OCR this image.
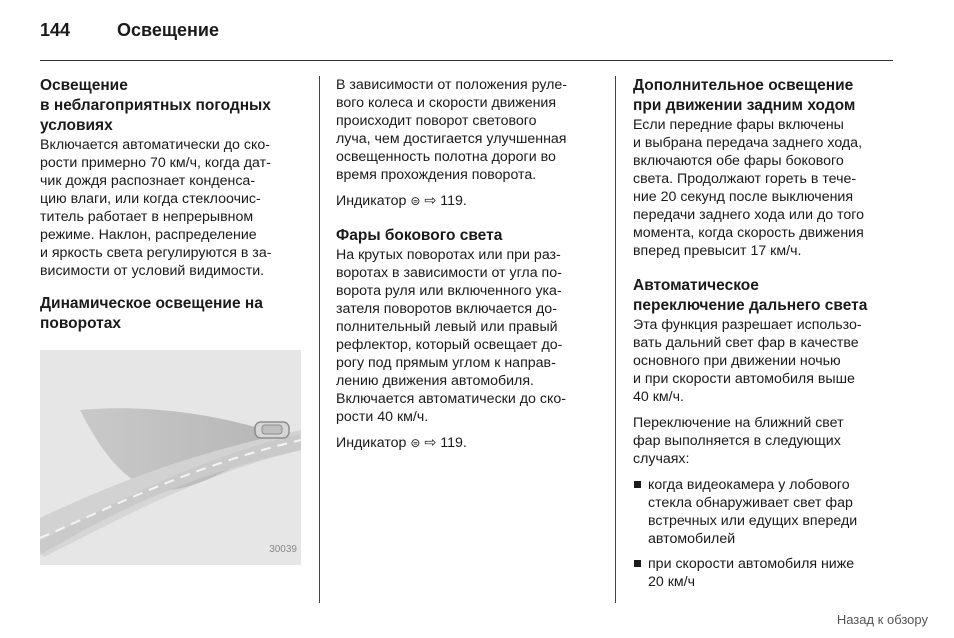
144	Освещение
Освещение
в неблагоприятных погодных условиях

Включается автоматически до ско-
рости примерно 70 км/ч, когда дат-
чик дождя распознает конденса-
цию влаги, или когда стеклоочис-
титель работает в непрерывном
режиме. Наклон, распределение
и яркость света регулируются в за-
висимости от условий видимости.

Динамическое освещение на
поворотах
30039

В зависимости от положения руле-
вого колеса и скорости движения
происходит поворот светового
луча, чем достигается улучшенная
освещенность полотна дороги во
время прохождения поворота.

Индикатор ⊜ ⇨ 119.

Фары бокового света

На крутых поворотах или при раз-
воротах в зависимости от угла по-
ворота руля или включенного ука-
зателя поворотов включается до-
полнительный левый или правый
рефлектор, который освещает до-
рогу под прямым углом к направ-
лению движения автомобиля.
Включается автоматически до ско-
рости 40 км/ч.

Индикатор ⊜ ⇨ 119.

Дополнительное освещение
при движении задним ходом

Если передние фары включены
и выбрана передача заднего хода,
включаются обе фары бокового
света. Продолжают гореть в тече-
ние 20 секунд после выключения
передачи заднего хода или до того
момента, когда скорость движения
вперед превысит 17 км/ч.

Автоматическое
переключение дальнего света

Эта функция разрешает использо-
вать дальний свет фар в качестве
основного при движении ночью
и при скорости автомобиля выше
40 км/ч.

Переключение на ближний свет
фар выполняется в следующих
случаях:

когда видеокамера у лобового
стекла обнаруживает свет фар
встречных или едущих впереди
автомобилей
при скорости автомобиля ниже
20 км/ч
Назад к обзору
